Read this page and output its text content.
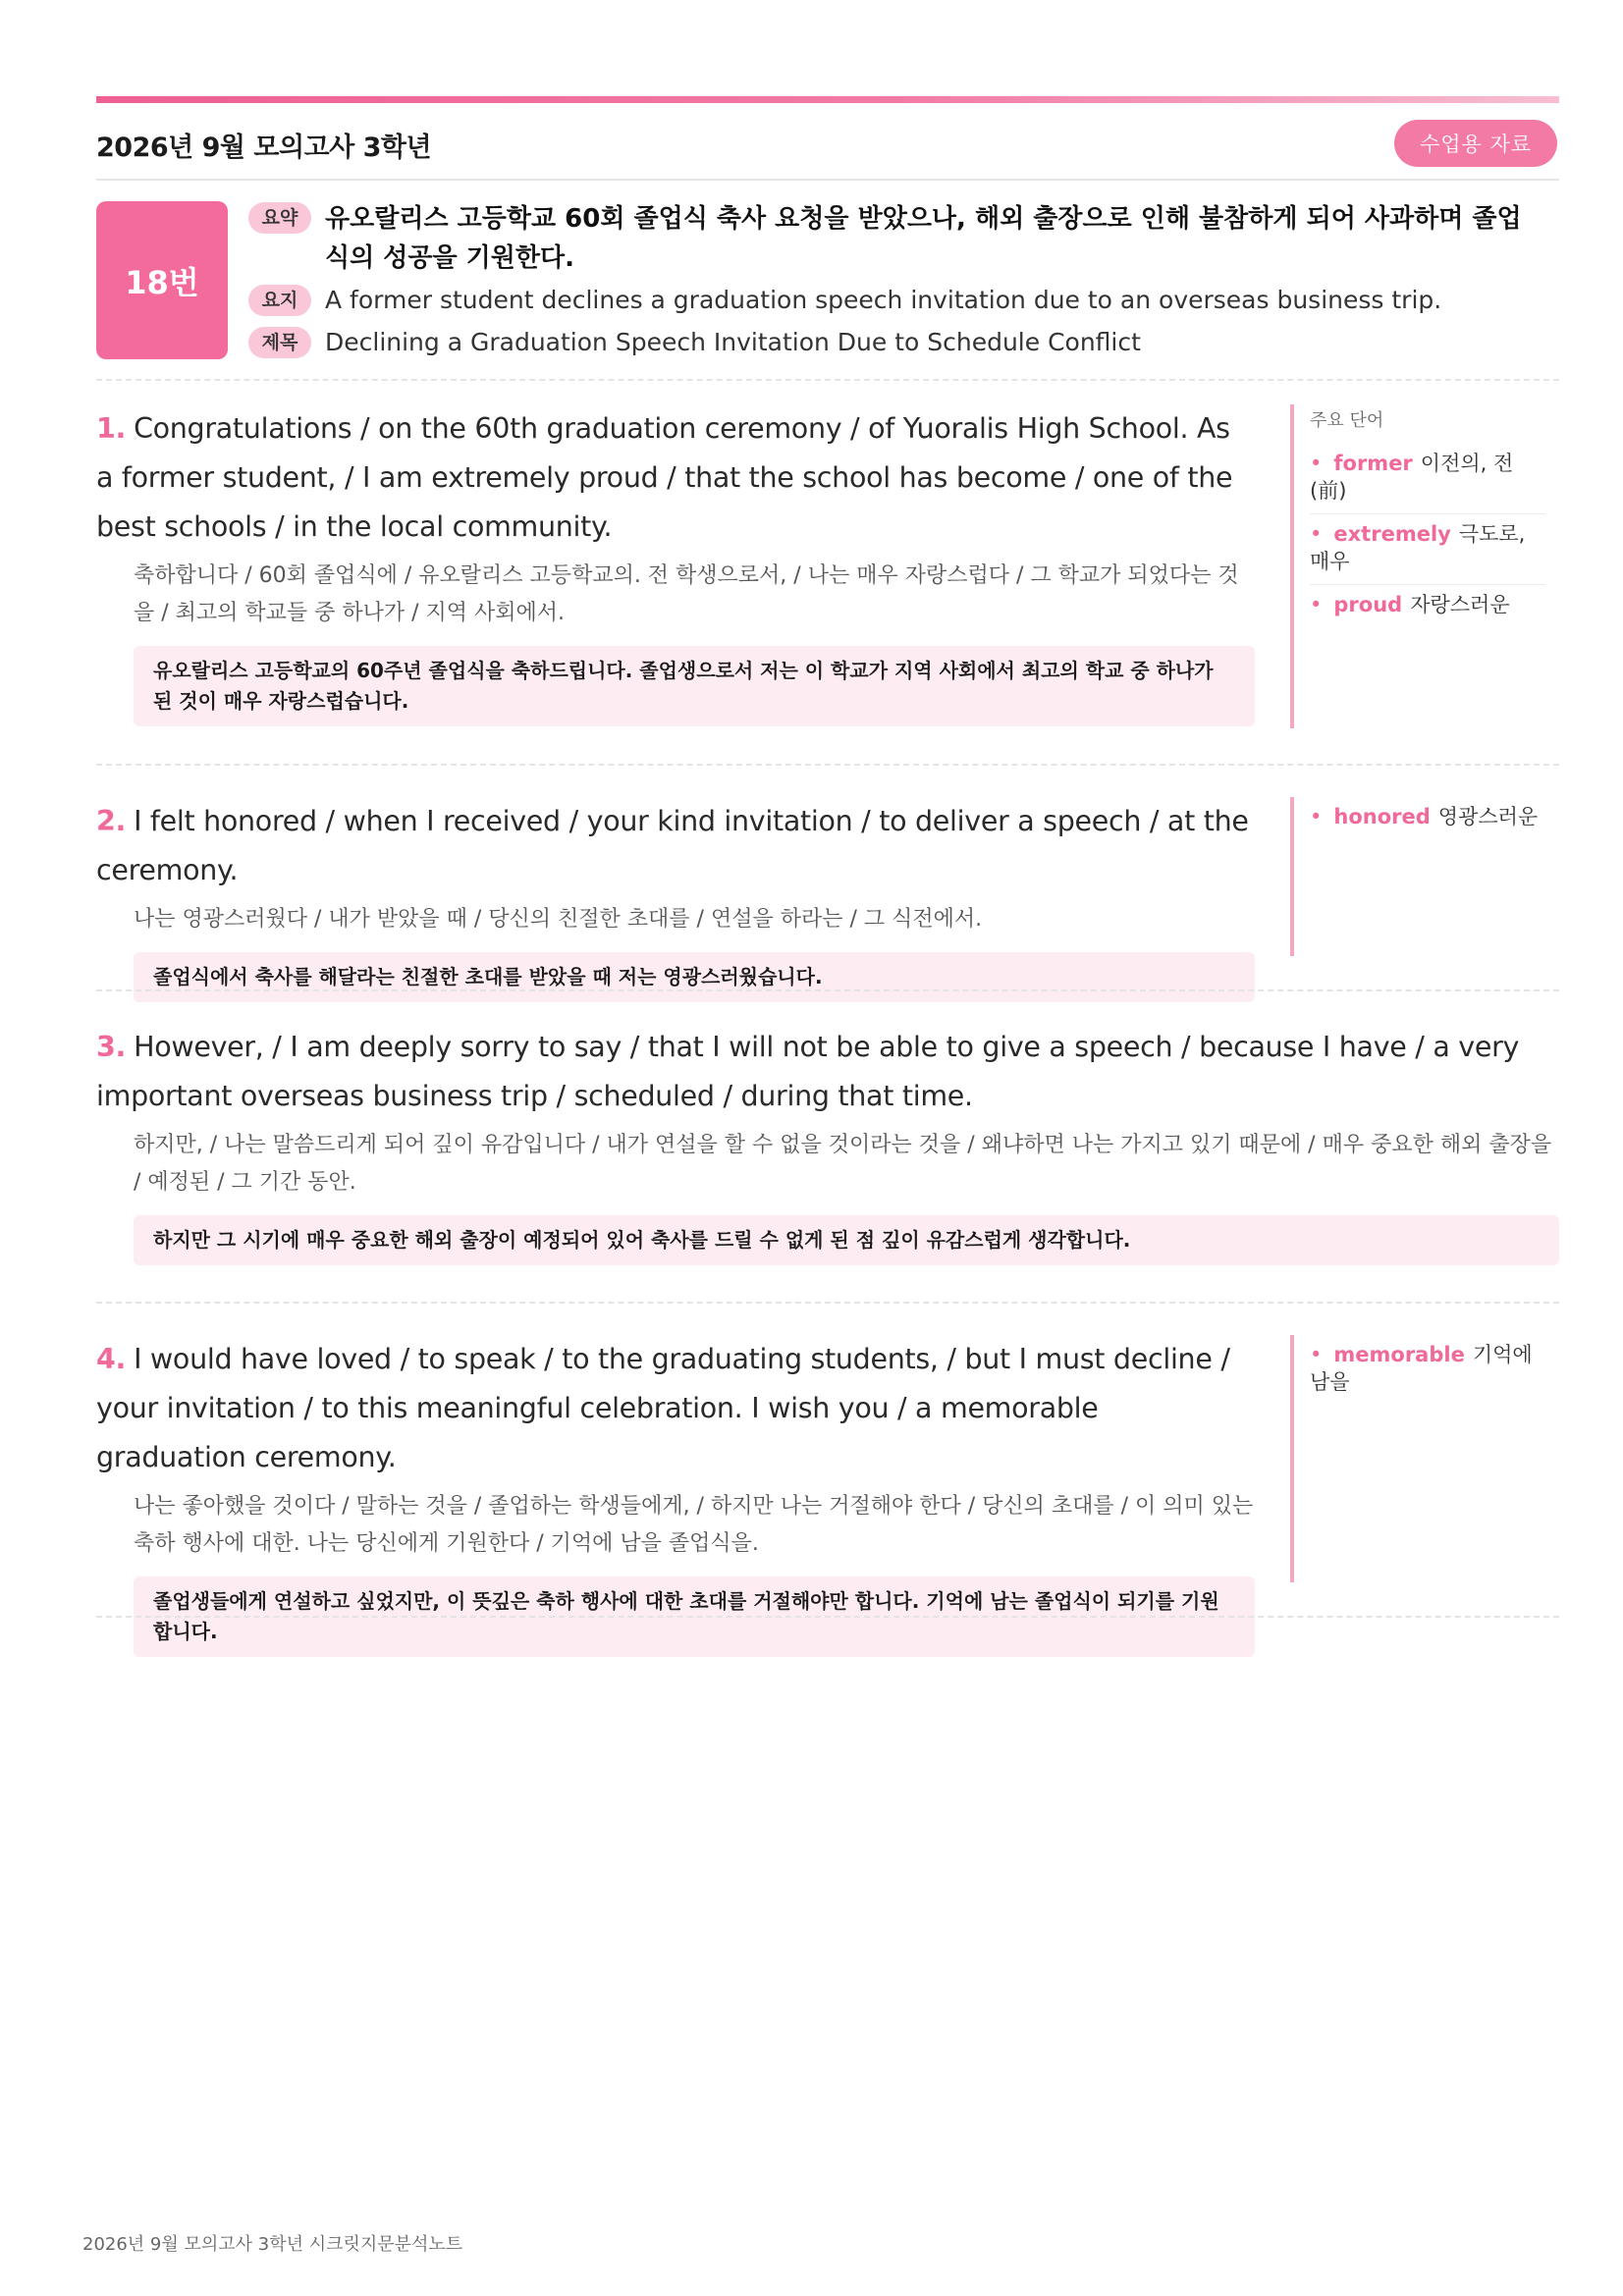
2026년 9월 모의고사 3학년	수업용 자료
18번
요약	유오랄리스 고등학교 60회 졸업식 축사 요청을 받았으나, 해외 출장으로 인해 불참하게 되어 사과하며 졸업식의 성공을 기원한다.
요지	A former student declines a graduation speech invitation due to an overseas business trip.
제목	Declining a Graduation Speech Invitation Due to Schedule Conflict
1. Congratulations / on the 60th graduation ceremony / of Yuoralis High School. As a former student, / I am extremely proud / that the school has become / one of the best schools / in the local community.
축하합니다 / 60회 졸업식에 / 유오랄리스 고등학교의. 전 학생으로서, / 나는 매우 자랑스럽다 / 그 학교가 되었다는 것을 / 최고의 학교들 중 하나가 / 지역 사회에서.
유오랄리스 고등학교의 60주년 졸업식을 축하드립니다. 졸업생으로서 저는 이 학교가 지역 사회에서 최고의 학교 중 하나가 된 것이 매우 자랑스럽습니다.
주요 단어
• former 이전의, 전(前)
• extremely 극도로, 매우
• proud 자랑스러운
2. I felt honored / when I received / your kind invitation / to deliver a speech / at the ceremony.
나는 영광스러웠다 / 내가 받았을 때 / 당신의 친절한 초대를 / 연설을 하라는 / 그 식전에서.
졸업식에서 축사를 해달라는 친절한 초대를 받았을 때 저는 영광스러웠습니다.
• honored 영광스러운
3. However, / I am deeply sorry to say / that I will not be able to give a speech / because I have / a very important overseas business trip / scheduled / during that time.
하지만, / 나는 말씀드리게 되어 깊이 유감입니다 / 내가 연설을 할 수 없을 것이라는 것을 / 왜냐하면 나는 가지고 있기 때문에 / 매우 중요한 해외 출장을 / 예정된 / 그 기간 동안.
하지만 그 시기에 매우 중요한 해외 출장이 예정되어 있어 축사를 드릴 수 없게 된 점 깊이 유감스럽게 생각합니다.
4. I would have loved / to speak / to the graduating students, / but I must decline / your invitation / to this meaningful celebration. I wish you / a memorable graduation ceremony.
나는 좋아했을 것이다 / 말하는 것을 / 졸업하는 학생들에게, / 하지만 나는 거절해야 한다 / 당신의 초대를 / 이 의미 있는 축하 행사에 대한. 나는 당신에게 기원한다 / 기억에 남을 졸업식을.
졸업생들에게 연설하고 싶었지만, 이 뜻깊은 축하 행사에 대한 초대를 거절해야만 합니다. 기억에 남는 졸업식이 되기를 기원합니다.
• memorable 기억에 남을
2026년 9월 모의고사 3학년 시크릿지문분석노트
